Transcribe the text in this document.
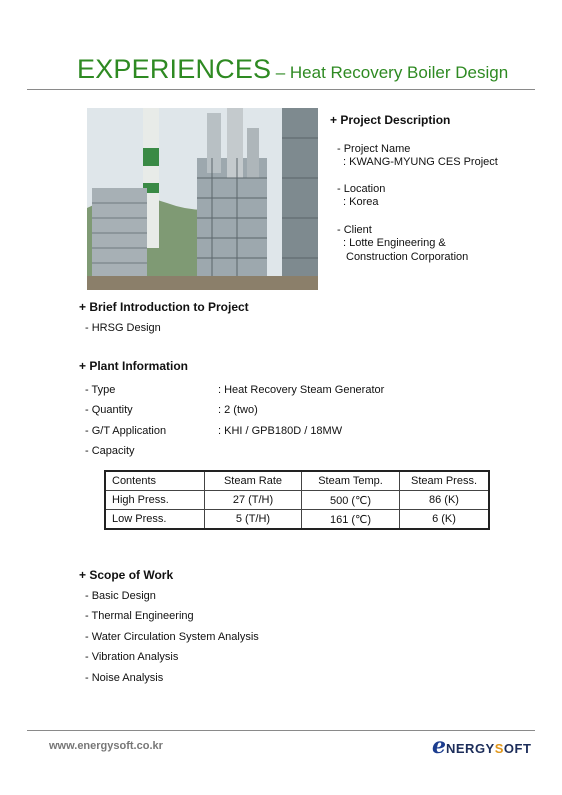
EXPERIENCES – Heat Recovery Boiler Design
+ Project Description
- Project Name
: KWANG-MYUNG CES Project
- Location
: Korea
- Client
: Lotte Engineering &
Construction Corporation
+ Brief Introduction to Project
- HRSG Design
+ Plant Information
- Type	: Heat Recovery Steam Generator
- Quantity	: 2 (two)
- G/T Application	: KHI / GPB180D / 18MW
- Capacity
Contents	Steam Rate	Steam Temp.	Steam Press.
High Press.	27 (T/H)	500 (℃)	86 (K)
Low Press.	5 (T/H)	161 (℃)	6 (K)
+ Scope of Work
- Basic Design
- Thermal Engineering
- Water Circulation System Analysis
- Vibration Analysis
- Noise Analysis
www.energysoft.co.kr	eNERGYSOFT
